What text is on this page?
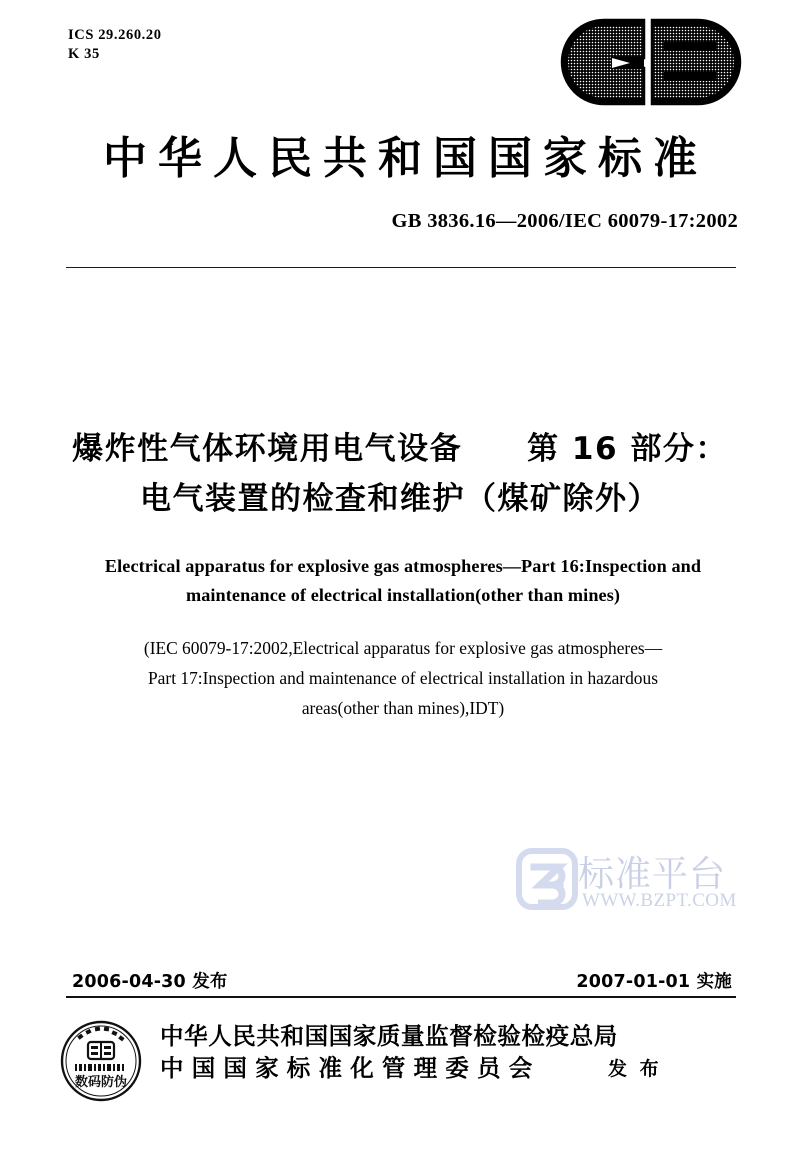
ICS 29.260.20
K 35
中华人民共和国国家标准
GB 3836.16—2006/IEC 60079-17:2002
爆炸性气体环境用电气设备　　第 16 部分：
电气装置的检查和维护（煤矿除外）
Electrical apparatus for explosive gas atmospheres—Part 16:Inspection and
maintenance of electrical installation(other than mines)
(IEC 60079-17:2002,Electrical apparatus for explosive gas atmospheres—
Part 17:Inspection and maintenance of electrical installation in hazardous
areas(other than mines),IDT)
标准平台
WWW.BZPT.COM
2006-04-30 发布	2007-01-01 实施
数码防伪
中华人民共和国国家质量监督检验检疫总局
中国国家标准化管理委员会	发 布
